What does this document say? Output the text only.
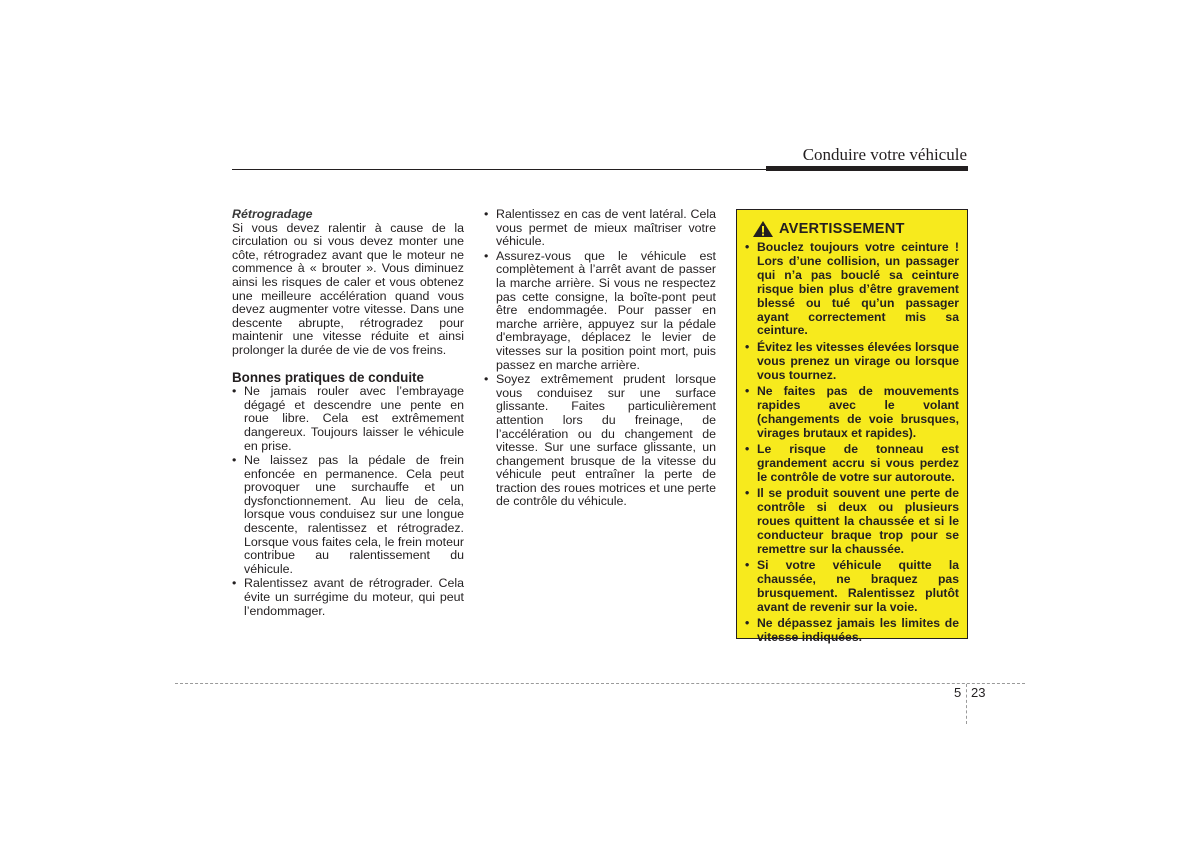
Conduire votre véhicule
Rétrogradage

Si vous devez ralentir à cause de la circulation ou si vous devez monter une côte, rétrogradez avant que le moteur ne commence à « brouter ». Vous diminuez ainsi les risques de caler et vous obtenez une meilleure accélération quand vous devez augmenter votre vitesse. Dans une descente abrupte, rétrogradez pour maintenir une vitesse réduite et ainsi prolonger la durée de vie de vos freins.

Bonnes pratiques de conduite
• Ne jamais rouler avec l’embrayage dégagé et descendre une pente en roue libre. Cela est extrêmement dangereux. Toujours laisser le véhicule en prise.
• Ne laissez pas la pédale de frein enfoncée en permanence. Cela peut provoquer une surchauffe et un dysfonctionnement. Au lieu de cela, lorsque vous conduisez sur une longue descente, ralentissez et rétrogradez. Lorsque vous faites cela, le frein moteur contribue au ralentissement du véhicule.
• Ralentissez avant de rétrograder. Cela évite un surrégime du moteur, qui peut l’endommager.
• Ralentissez en cas de vent latéral. Cela vous permet de mieux maîtriser votre véhicule.
• Assurez-vous que le véhicule est complètement à l’arrêt avant de passer la marche arrière. Si vous ne respectez pas cette consigne, la boîte-pont peut être endommagée. Pour passer en marche arrière, appuyez sur la pédale d'embrayage, déplacez le levier de vitesses sur la position point mort, puis passez en marche arrière.
• Soyez extrêmement prudent lorsque vous conduisez sur une surface glissante. Faites particulièrement attention lors du freinage, de l’accélération ou du changement de vitesse. Sur une surface glissante, un changement brusque de la vitesse du véhicule peut entraîner la perte de traction des roues motrices et une perte de contrôle du véhicule.
AVERTISSEMENT
• Bouclez toujours votre ceinture ! Lors d’une collision, un passager qui n’a pas bouclé sa ceinture risque bien plus d’être gravement blessé ou tué qu’un passager ayant correctement mis sa ceinture.
• Évitez les vitesses élevées lorsque vous prenez un virage ou lorsque vous tournez.
• Ne faites pas de mouvements rapides avec le volant (changements de voie brusques, virages brutaux et rapides).
• Le risque de tonneau est grandement accru si vous perdez le contrôle de votre sur autoroute.
• Il se produit souvent une perte de contrôle si deux ou plusieurs roues quittent la chaussée et si le conducteur braque trop pour se remettre sur la chaussée.
• Si votre véhicule quitte la chaussée, ne braquez pas brusquement. Ralentissez plutôt avant de revenir sur la voie.
• Ne dépassez jamais les limites de vitesse indiquées.
5 23
